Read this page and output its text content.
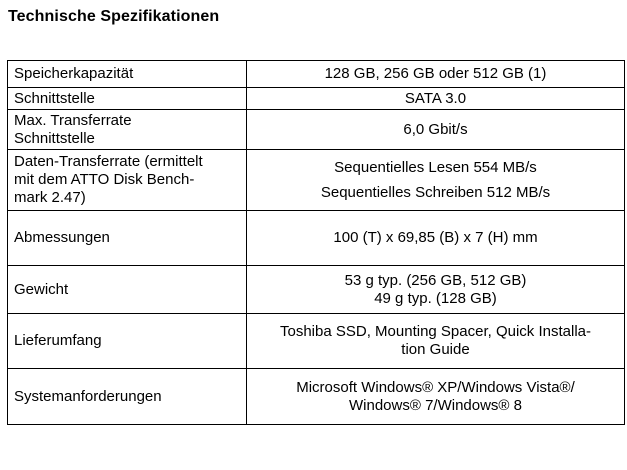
Technische Spezifikationen
Speicherkapazität	128 GB, 256 GB oder 512 GB (1)

Schnittstelle	SATA 3.0

Max. Transferrate
Schnittstelle	6,0 Gbit/s

Daten-Transferrate (ermittelt
mit dem ATTO Disk Bench-
mark 2.47)	Sequentielles Lesen 554 MB/s
Sequentielles Schreiben 512 MB/s

Abmessungen	100 (T) x 69,85 (B) x 7 (H) mm

Gewicht	53 g typ. (256 GB, 512 GB)
49 g typ. (128 GB)

Lieferumfang	Toshiba SSD, Mounting Spacer, Quick Installa-
tion Guide

Systemanforderungen	Microsoft Windows® XP/Windows Vista®/
Windows® 7/Windows® 8
